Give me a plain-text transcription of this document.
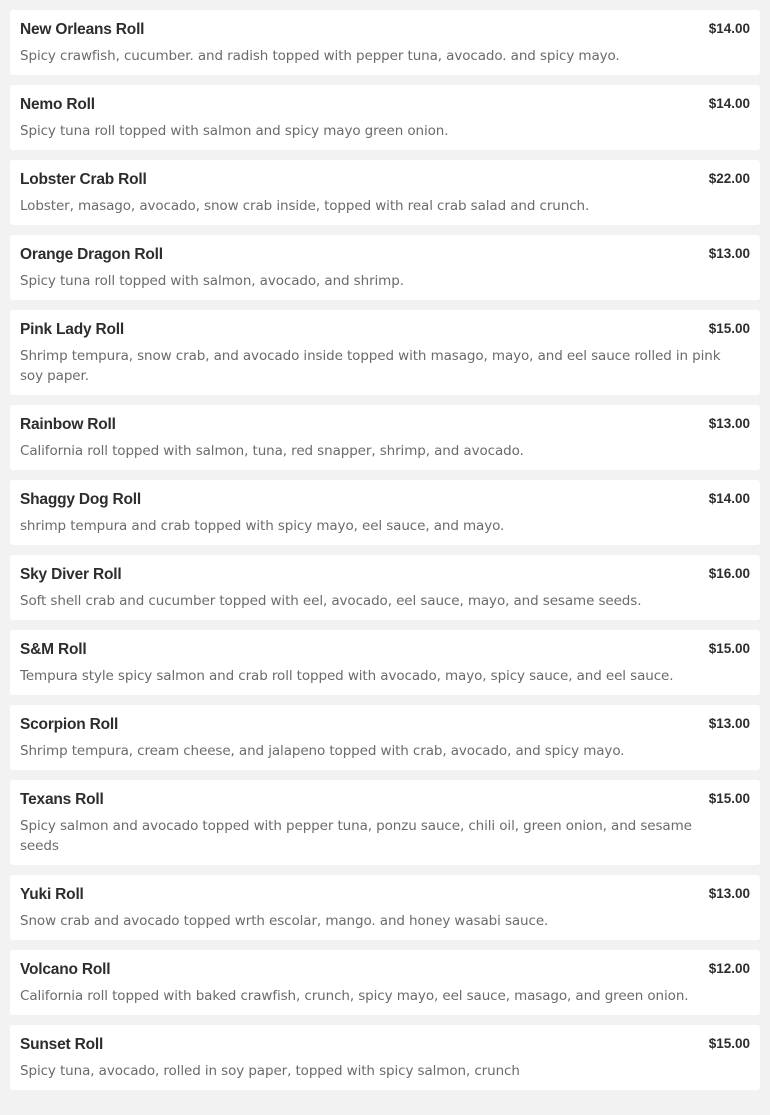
New Orleans Roll	$14.00
Spicy crawfish, cucumber. and radish topped with pepper tuna, avocado. and spicy mayo.
Nemo Roll	$14.00
Spicy tuna roll topped with salmon and spicy mayo green onion.
Lobster Crab Roll	$22.00
Lobster, masago, avocado, snow crab inside, topped with real crab salad and crunch.
Orange Dragon Roll	$13.00
Spicy tuna roll topped with salmon, avocado, and shrimp.
Pink Lady Roll	$15.00
Shrimp tempura, snow crab, and avocado inside topped with masago, mayo, and eel sauce rolled in pink soy paper.
Rainbow Roll	$13.00
California roll topped with salmon, tuna, red snapper, shrimp, and avocado.
Shaggy Dog Roll	$14.00
shrimp tempura and crab topped with spicy mayo, eel sauce, and mayo.
Sky Diver Roll	$16.00
Soft shell crab and cucumber topped with eel, avocado, eel sauce, mayo, and sesame seeds.
S&M Roll	$15.00
Tempura style spicy salmon and crab roll topped with avocado, mayo, spicy sauce, and eel sauce.
Scorpion Roll	$13.00
Shrimp tempura, cream cheese, and jalapeno topped with crab, avocado, and spicy mayo.
Texans Roll	$15.00
Spicy salmon and avocado topped with pepper tuna, ponzu sauce, chili oil, green onion, and sesame seeds
Yuki Roll	$13.00
Snow crab and avocado topped wrth escolar, mango. and honey wasabi sauce.
Volcano Roll	$12.00
California roll topped with baked crawfish, crunch, spicy mayo, eel sauce, masago, and green onion.
Sunset Roll	$15.00
Spicy tuna, avocado, rolled in soy paper, topped with spicy salmon, crunch
